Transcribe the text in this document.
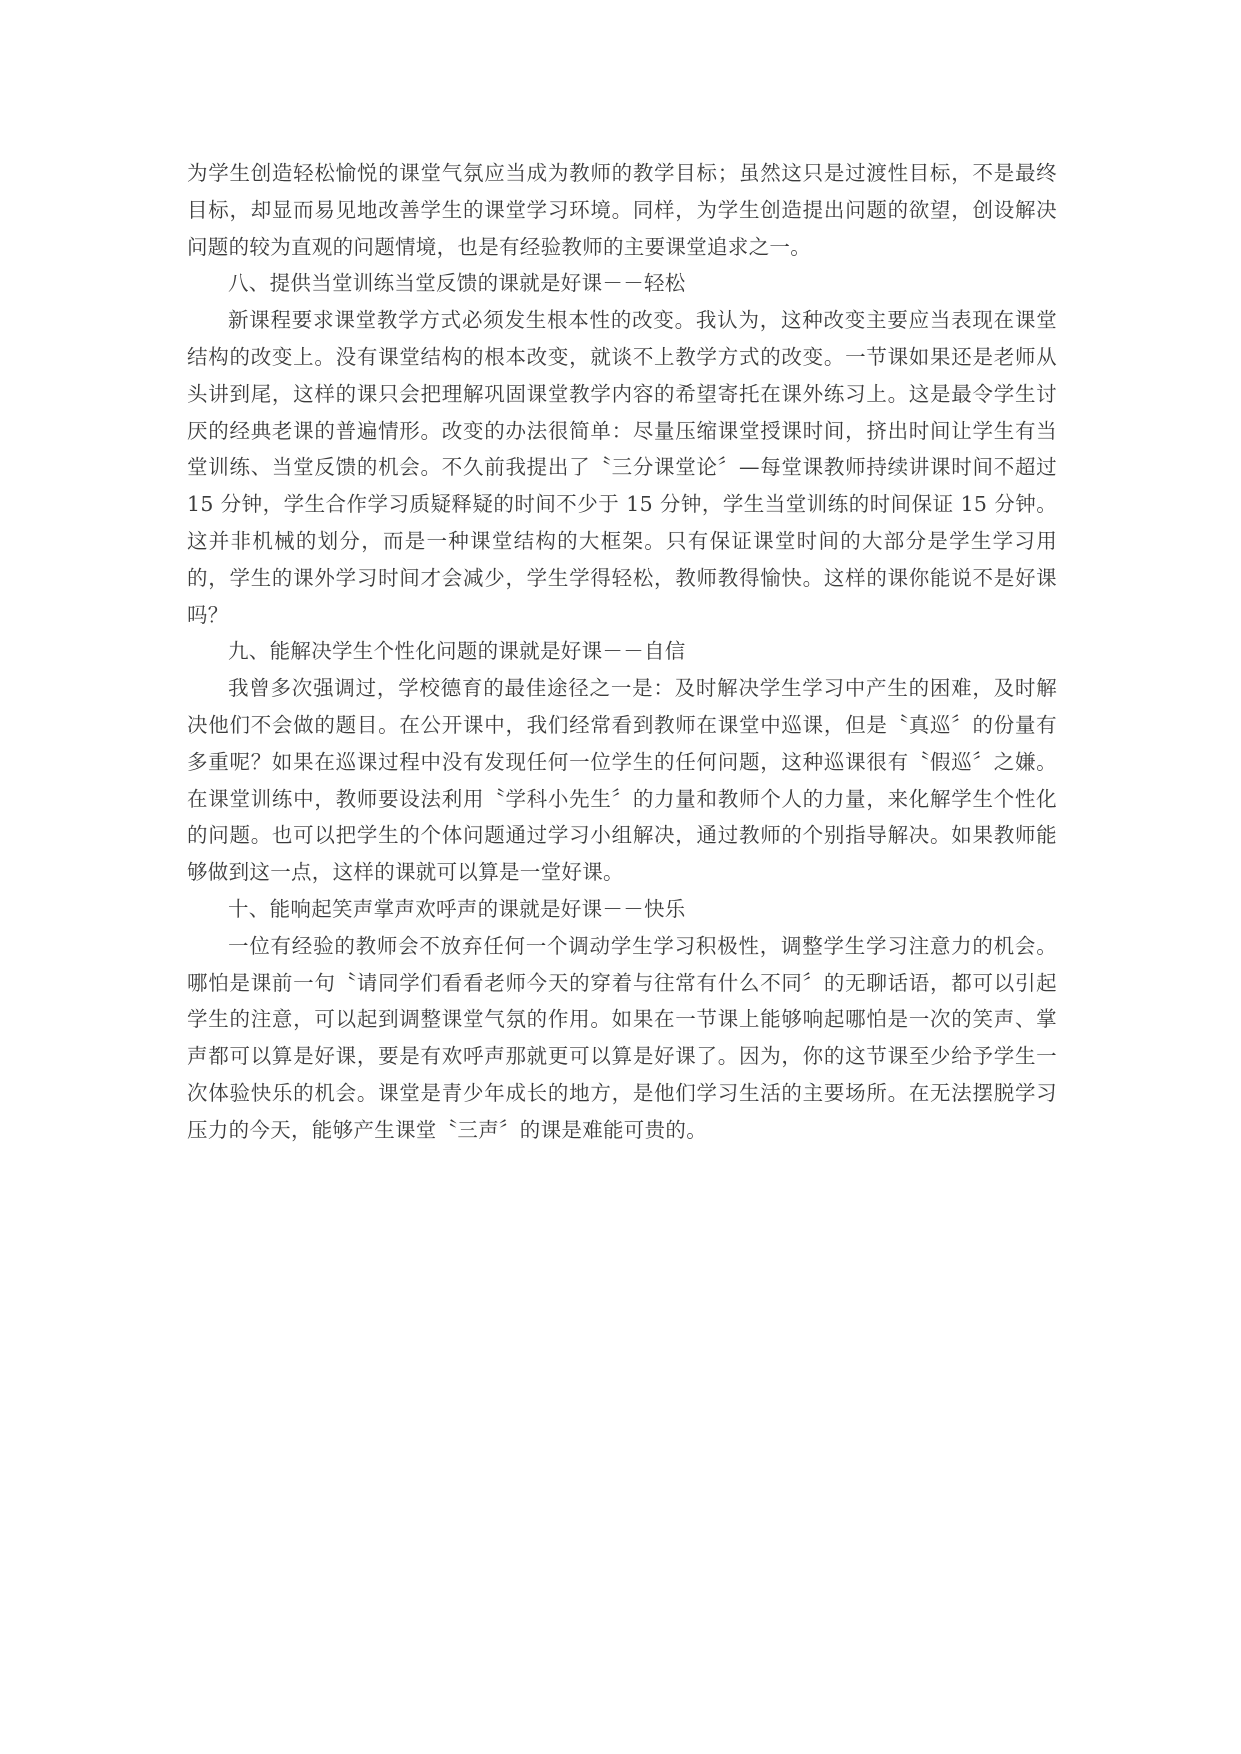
为学生创造轻松愉悦的课堂气氛应当成为教师的教学目标；虽然这只是过渡性目标，不是最终目标，却显而易见地改善学生的课堂学习环境。同样，为学生创造提出问题的欲望，创设解决问题的较为直观的问题情境，也是有经验教师的主要课堂追求之一。

八、提供当堂训练当堂反馈的课就是好课－－轻松

新课程要求课堂教学方式必须发生根本性的改变。我认为，这种改变主要应当表现在课堂结构的改变上。没有课堂结构的根本改变，就谈不上教学方式的改变。一节课如果还是老师从头讲到尾，这样的课只会把理解巩固课堂教学内容的希望寄托在课外练习上。这是最令学生讨厌的经典老课的普遍情形。改变的办法很简单：尽量压缩课堂授课时间，挤出时间让学生有当堂训练、当堂反馈的机会。不久前我提出了〝三分课堂论〞—每堂课教师持续讲课时间不超过 15 分钟，学生合作学习质疑释疑的时间不少于 15 分钟，学生当堂训练的时间保证 15 分钟。这并非机械的划分，而是一种课堂结构的大框架。只有保证课堂时间的大部分是学生学习用的，学生的课外学习时间才会减少，学生学得轻松，教师教得愉快。这样的课你能说不是好课吗？

九、能解决学生个性化问题的课就是好课－－自信

我曾多次强调过，学校德育的最佳途径之一是：及时解决学生学习中产生的困难，及时解决他们不会做的题目。在公开课中，我们经常看到教师在课堂中巡课，但是〝真巡〞的份量有多重呢？如果在巡课过程中没有发现任何一位学生的任何问题，这种巡课很有〝假巡〞之嫌。在课堂训练中，教师要设法利用〝学科小先生〞的力量和教师个人的力量，来化解学生个性化的问题。也可以把学生的个体问题通过学习小组解决，通过教师的个别指导解决。如果教师能够做到这一点，这样的课就可以算是一堂好课。

十、能响起笑声掌声欢呼声的课就是好课－－快乐

一位有经验的教师会不放弃任何一个调动学生学习积极性，调整学生学习注意力的机会。哪怕是课前一句〝请同学们看看老师今天的穿着与往常有什么不同〞的无聊话语，都可以引起学生的注意，可以起到调整课堂气氛的作用。如果在一节课上能够响起哪怕是一次的笑声、掌声都可以算是好课，要是有欢呼声那就更可以算是好课了。因为，你的这节课至少给予学生一次体验快乐的机会。课堂是青少年成长的地方，是他们学习生活的主要场所。在无法摆脱学习压力的今天，能够产生课堂〝三声〞的课是难能可贵的。
